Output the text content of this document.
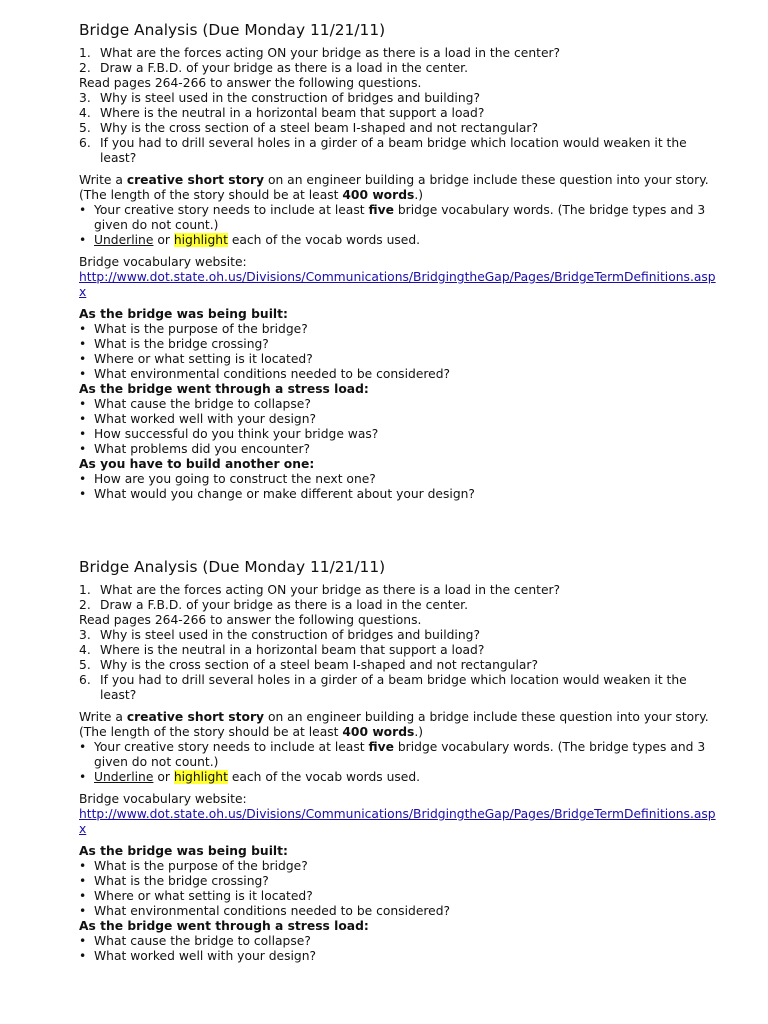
Bridge Analysis (Due Monday 11/21/11)
1. What are the forces acting ON your bridge as there is a load in the center?
2. Draw a F.B.D. of your bridge as there is a load in the center.
Read pages 264-266 to answer the following questions.
3. Why is steel used in the construction of bridges and building?
4. Where is the neutral in a horizontal beam that support a load?
5. Why is the cross section of a steel beam I-shaped and not rectangular?
6. If you had to drill several holes in a girder of a beam bridge which location would weaken it the least?
Write a creative short story on an engineer building a bridge include these question into your story.
(The length of the story should be at least 400 words.)
• Your creative story needs to include at least five bridge vocabulary words. (The bridge types and 3 given do not count.)
• Underline or highlight each of the vocab words used.
Bridge vocabulary website:
http://www.dot.state.oh.us/Divisions/Communications/BridgingtheGap/Pages/BridgeTermDefinitions.aspx
As the bridge was being built:
• What is the purpose of the bridge?
• What is the bridge crossing?
• Where or what setting is it located?
• What environmental conditions needed to be considered?
As the bridge went through a stress load:
• What cause the bridge to collapse?
• What worked well with your design?
• How successful do you think your bridge was?
• What problems did you encounter?
As you have to build another one:
• How are you going to construct the next one?
• What would you change or make different about your design?
Bridge Analysis (Due Monday 11/21/11)
1. What are the forces acting ON your bridge as there is a load in the center?
2. Draw a F.B.D. of your bridge as there is a load in the center.
Read pages 264-266 to answer the following questions.
3. Why is steel used in the construction of bridges and building?
4. Where is the neutral in a horizontal beam that support a load?
5. Why is the cross section of a steel beam I-shaped and not rectangular?
6. If you had to drill several holes in a girder of a beam bridge which location would weaken it the least?
Write a creative short story on an engineer building a bridge include these question into your story.
(The length of the story should be at least 400 words.)
• Your creative story needs to include at least five bridge vocabulary words. (The bridge types and 3 given do not count.)
• Underline or highlight each of the vocab words used.
Bridge vocabulary website:
http://www.dot.state.oh.us/Divisions/Communications/BridgingtheGap/Pages/BridgeTermDefinitions.aspx
As the bridge was being built:
• What is the purpose of the bridge?
• What is the bridge crossing?
• Where or what setting is it located?
• What environmental conditions needed to be considered?
As the bridge went through a stress load:
• What cause the bridge to collapse?
• What worked well with your design?
